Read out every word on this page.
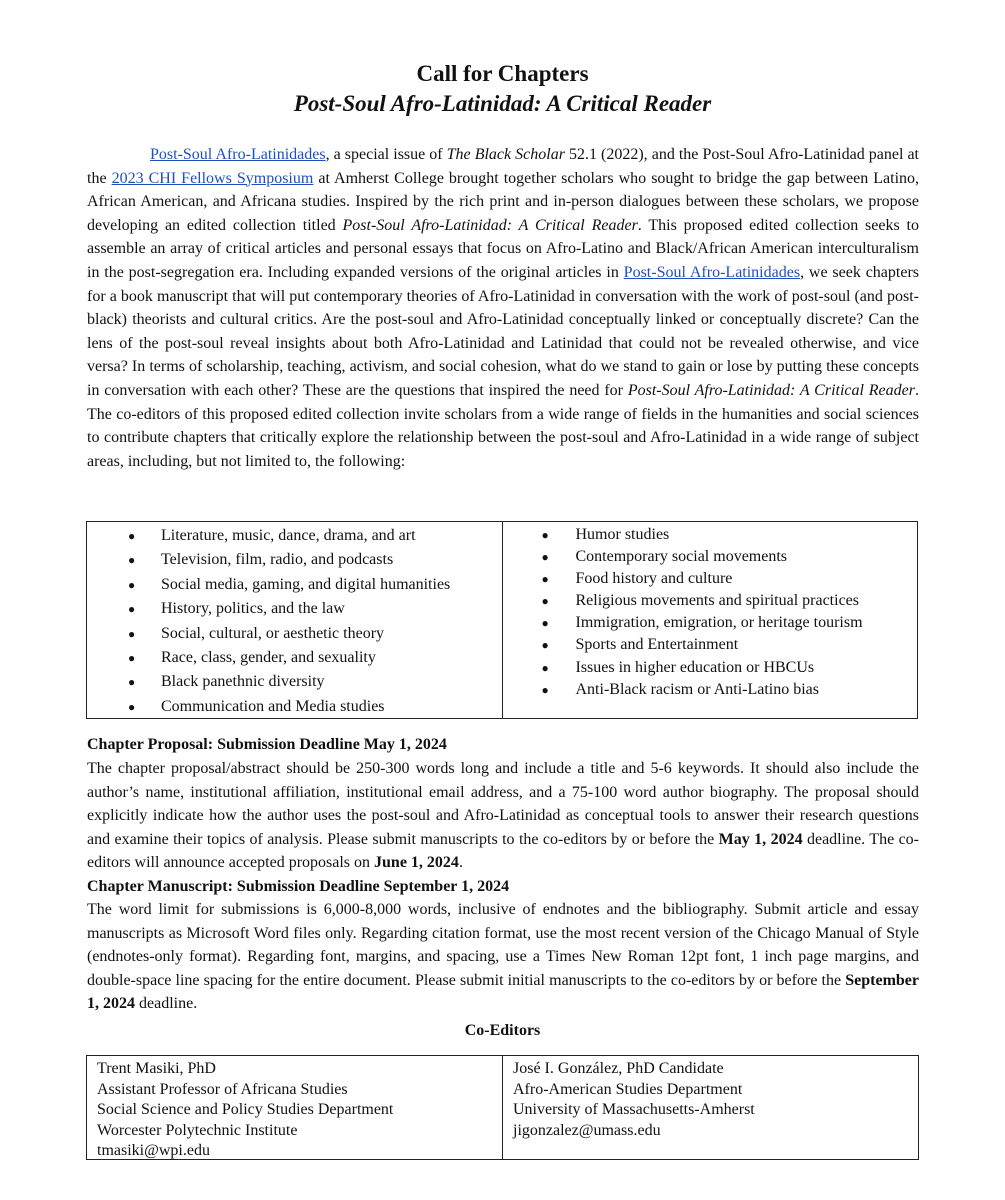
Call for Chapters

Post-Soul Afro-Latinidad: A Critical Reader

Post-Soul Afro-Latinidades, a special issue of The Black Scholar 52.1 (2022), and the Post-Soul Afro-Latinidad panel at the 2023 CHI Fellows Symposium at Amherst College brought together scholars who sought to bridge the gap between Latino, African American, and Africana studies. Inspired by the rich print and in-person dialogues between these scholars, we propose developing an edited collection titled Post-Soul Afro-Latinidad: A Critical Reader. This proposed edited collection seeks to assemble an array of critical articles and personal essays that focus on Afro-Latino and Black/African American interculturalism in the post-segregation era. Including expanded versions of the original articles in Post-Soul Afro-Latinidades, we seek chapters for a book manuscript that will put contemporary theories of Afro-Latinidad in conversation with the work of post-soul (and post-black) theorists and cultural critics. Are the post-soul and Afro-Latinidad conceptually linked or conceptually discrete? Can the lens of the post-soul reveal insights about both Afro-Latinidad and Latinidad that could not be revealed otherwise, and vice versa? In terms of scholarship, teaching, activism, and social cohesion, what do we stand to gain or lose by putting these concepts in conversation with each other? These are the questions that inspired the need for Post-Soul Afro-Latinidad: A Critical Reader. The co-editors of this proposed edited collection invite scholars from a wide range of fields in the humanities and social sciences to contribute chapters that critically explore the relationship between the post-soul and Afro-Latinidad in a wide range of subject areas, including, but not limited to, the following:

● Literature, music, dance, drama, and art
● Television, film, radio, and podcasts
● Social media, gaming, and digital humanities
● History, politics, and the law
● Social, cultural, or aesthetic theory
● Race, class, gender, and sexuality
● Black panethnic diversity
● Communication and Media studies
● Humor studies
● Contemporary social movements
● Food history and culture
● Religious movements and spiritual practices
● Immigration, emigration, or heritage tourism
● Sports and Entertainment
● Issues in higher education or HBCUs
● Anti-Black racism or Anti-Latino bias

Chapter Proposal: Submission Deadline May 1, 2024

The chapter proposal/abstract should be 250-300 words long and include a title and 5-6 keywords. It should also include the author’s name, institutional affiliation, institutional email address, and a 75-100 word author biography. The proposal should explicitly indicate how the author uses the post-soul and Afro-Latinidad as conceptual tools to answer their research questions and examine their topics of analysis. Please submit manuscripts to the co-editors by or before the May 1, 2024 deadline. The co-editors will announce accepted proposals on June 1, 2024.

Chapter Manuscript: Submission Deadline September 1, 2024

The word limit for submissions is 6,000-8,000 words, inclusive of endnotes and the bibliography. Submit article and essay manuscripts as Microsoft Word files only. Regarding citation format, use the most recent version of the Chicago Manual of Style (endnotes-only format). Regarding font, margins, and spacing, use a Times New Roman 12pt font, 1 inch page margins, and double-space line spacing for the entire document. Please submit initial manuscripts to the co-editors by or before the September 1, 2024 deadline.

Co-Editors

Trent Masiki, PhD
Assistant Professor of Africana Studies
Social Science and Policy Studies Department
Worcester Polytechnic Institute
tmasiki@wpi.edu
José I. González, PhD Candidate
Afro-American Studies Department
University of Massachusetts-Amherst
jigonzalez@umass.edu
